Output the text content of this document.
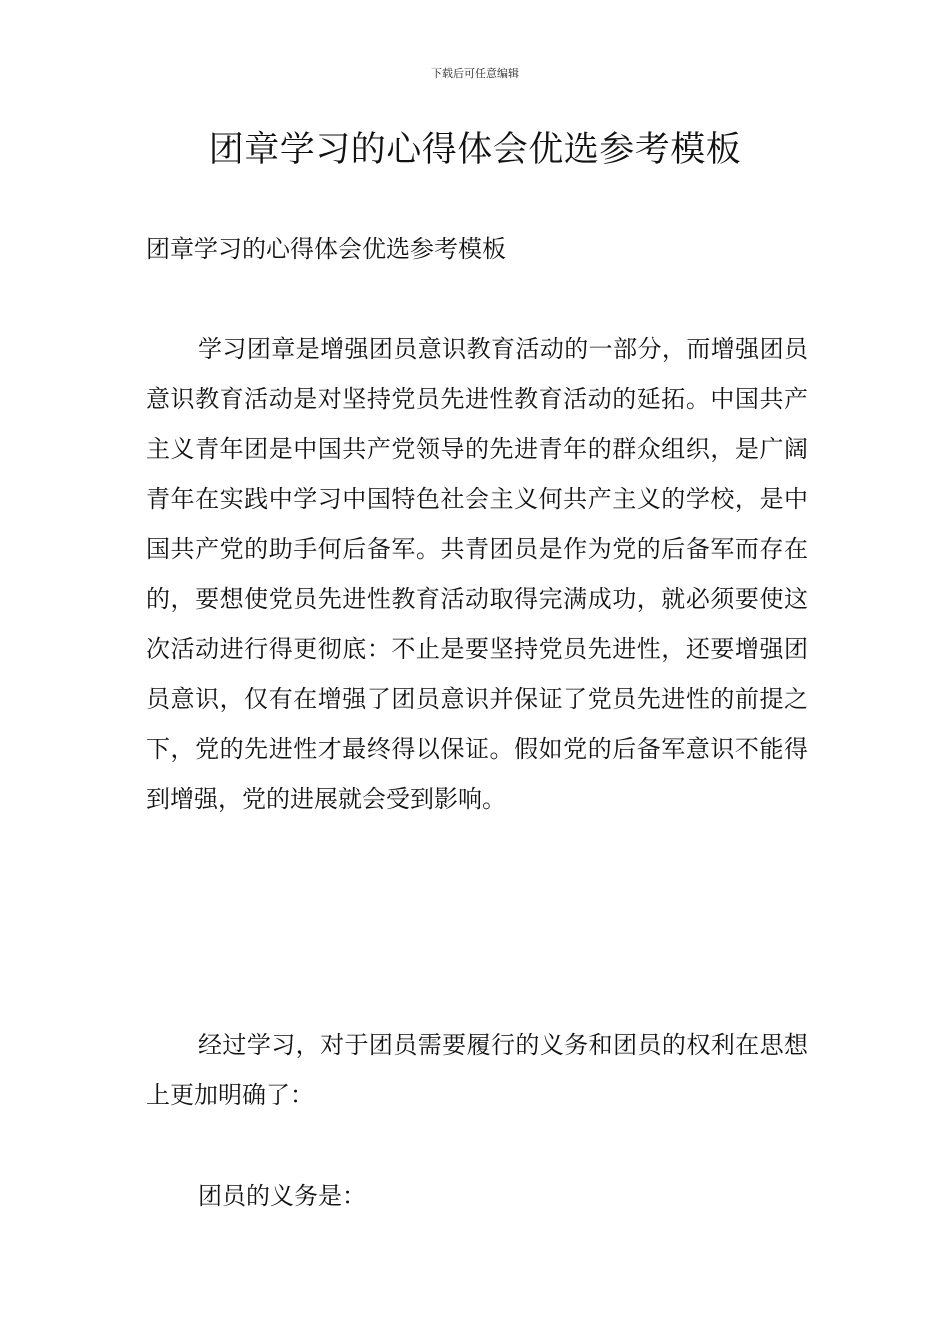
下载后可任意编辑
团章学习的心得体会优选参考模板

团章学习的心得体会优选参考模板

学习团章是增强团员意识教育活动的一部分，而增强团员意识教育活动是对坚持党员先进性教育活动的延拓。中国共产主义青年团是中国共产党领导的先进青年的群众组织，是广阔青年在实践中学习中国特色社会主义何共产主义的学校，是中国共产党的助手何后备军。共青团员是作为党的后备军而存在的，要想使党员先进性教育活动取得完满成功，就必须要使这次活动进行得更彻底：不止是要坚持党员先进性，还要增强团员意识，仅有在增强了团员意识并保证了党员先进性的前提之下，党的先进性才最终得以保证。假如党的后备军意识不能得到增强，党的进展就会受到影响。

经过学习，对于团员需要履行的义务和团员的权利在思想上更加明确了：

团员的义务是：
